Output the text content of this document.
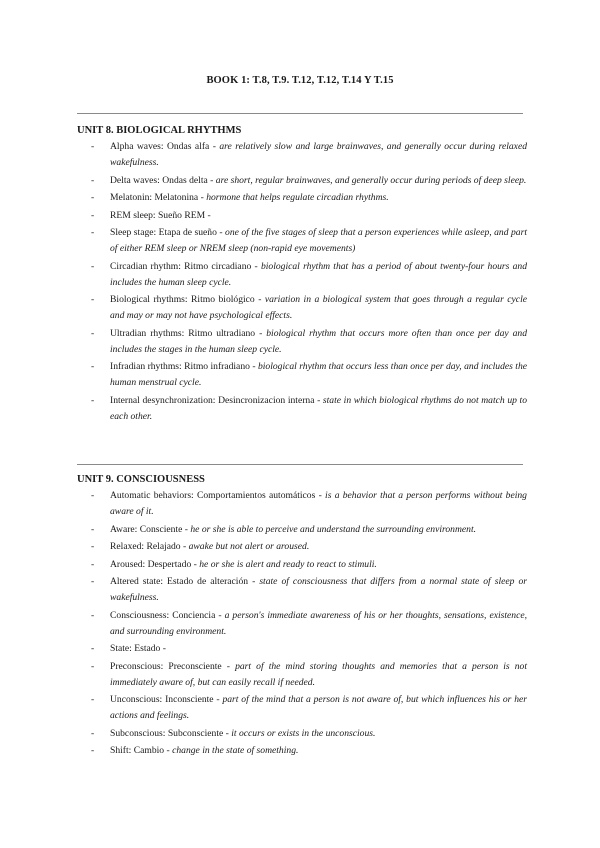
BOOK 1: T.8, T.9. T.12, T.12, T.14 Y T.15
UNIT 8. BIOLOGICAL RHYTHMS
- Alpha waves: Ondas alfa - are relatively slow and large brainwaves, and generally occur during relaxed wakefulness.
- Delta waves: Ondas delta - are short, regular brainwaves, and generally occur during periods of deep sleep.
- Melatonin: Melatonina - hormone that helps regulate circadian rhythms.
- REM sleep: Sueño REM -
- Sleep stage: Etapa de sueño - one of the five stages of sleep that a person experiences while asleep, and part of either REM sleep or NREM sleep (non-rapid eye movements)
- Circadian rhythm: Ritmo circadiano - biological rhythm that has a period of about twenty-four hours and includes the human sleep cycle.
- Biological rhythms: Ritmo biológico - variation in a biological system that goes through a regular cycle and may or may not have psychological effects.
- Ultradian rhythms: Ritmo ultradiano - biological rhythm that occurs more often than once per day and includes the stages in the human sleep cycle.
- Infradian rhythms: Ritmo infradiano - biological rhythm that occurs less than once per day, and includes the human menstrual cycle.
- Internal desynchronization: Desincronizacion interna - state in which biological rhythms do not match up to each other.
UNIT 9. CONSCIOUSNESS
- Automatic behaviors: Comportamientos automáticos - is a behavior that a person performs without being aware of it.
- Aware: Consciente - he or she is able to perceive and understand the surrounding environment.
- Relaxed: Relajado - awake but not alert or aroused.
- Aroused: Despertado - he or she is alert and ready to react to stimuli.
- Altered state: Estado de alteración - state of consciousness that differs from a normal state of sleep or wakefulness.
- Consciousness: Conciencia - a person's immediate awareness of his or her thoughts, sensations, existence, and surrounding environment.
- State: Estado -
- Preconscious: Preconsciente - part of the mind storing thoughts and memories that a person is not immediately aware of, but can easily recall if needed.
- Unconscious: Inconsciente - part of the mind that a person is not aware of, but which influences his or her actions and feelings.
- Subconscious: Subconsciente - it occurs or exists in the unconscious.
- Shift: Cambio - change in the state of something.
